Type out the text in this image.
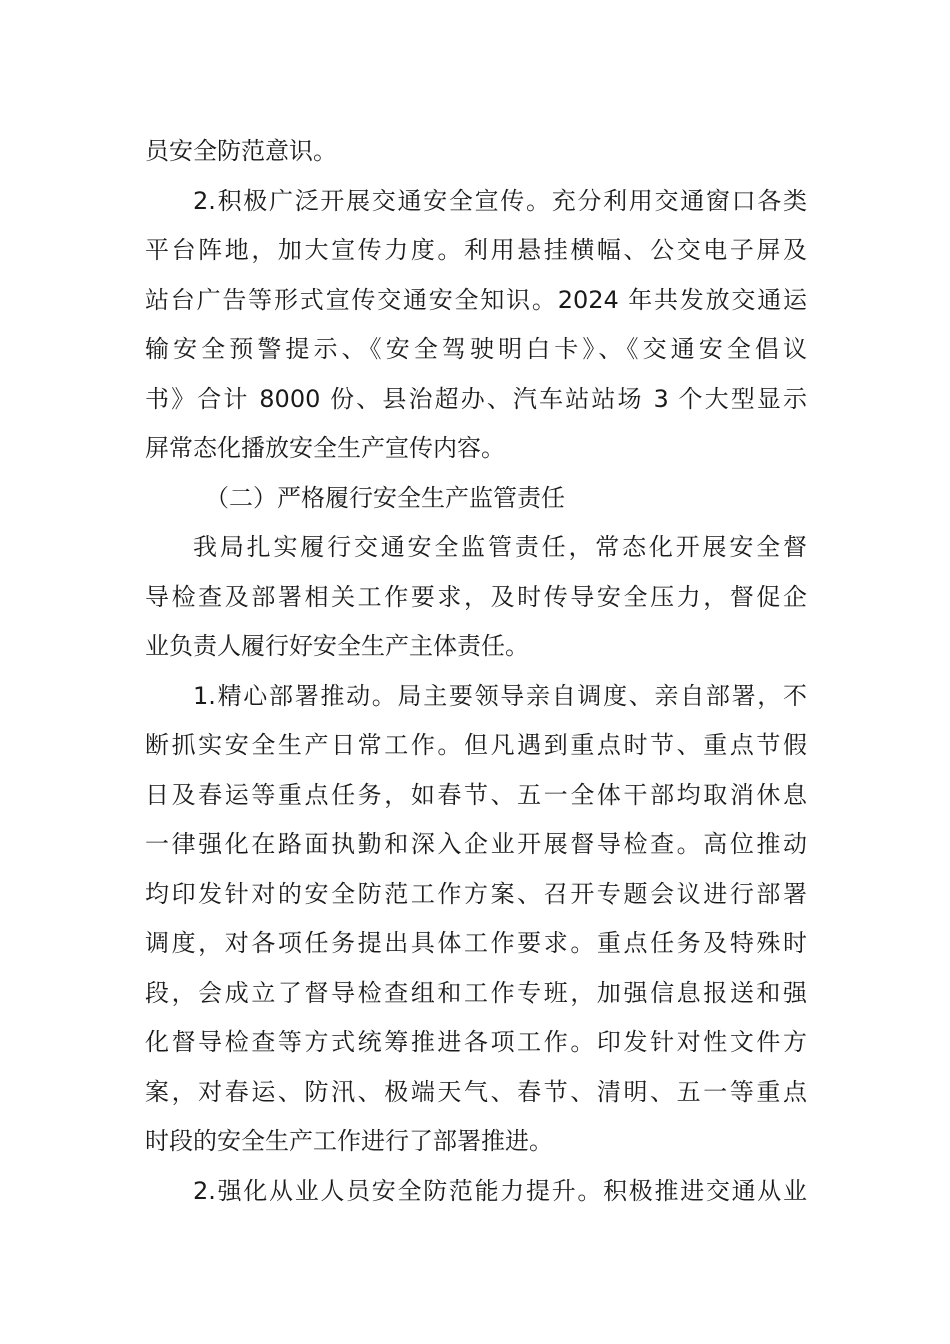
员安全防范意识。
2.积极广泛开展交通安全宣传。充分利用交通窗口各类
平台阵地，加大宣传力度。利用悬挂横幅、公交电子屏及
站台广告等形式宣传交通安全知识。2024 年共发放交通运
输安全预警提示、《安全驾驶明白卡》、《交通安全倡议
书》合计 8000 份、县治超办、汽车站站场 3 个大型显示
屏常态化播放安全生产宣传内容。
（二）严格履行安全生产监管责任
我局扎实履行交通安全监管责任，常态化开展安全督
导检查及部署相关工作要求，及时传导安全压力，督促企
业负责人履行好安全生产主体责任。
1.精心部署推动。局主要领导亲自调度、亲自部署，不
断抓实安全生产日常工作。但凡遇到重点时节、重点节假
日及春运等重点任务，如春节、五一全体干部均取消休息
一律强化在路面执勤和深入企业开展督导检查。高位推动
均印发针对的安全防范工作方案、召开专题会议进行部署
调度，对各项任务提出具体工作要求。重点任务及特殊时
段，会成立了督导检查组和工作专班，加强信息报送和强
化督导检查等方式统筹推进各项工作。印发针对性文件方
案，对春运、防汛、极端天气、春节、清明、五一等重点
时段的安全生产工作进行了部署推进。
2.强化从业人员安全防范能力提升。积极推进交通从业
